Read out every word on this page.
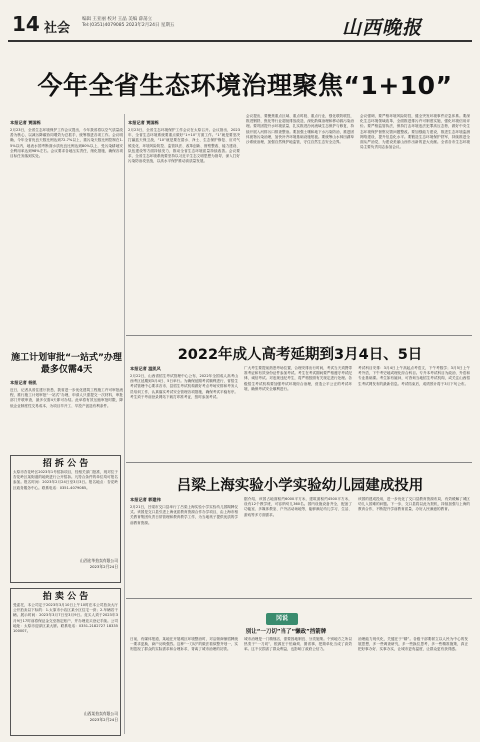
14 社会
编辑 王亚丽 校对 王晶 美编 薛荡立
Tel:(0351)4079085 2023年2月24日 星期五	山西晚报
今年全省生态环境治理聚焦“1+10”
本报记者 贾国栋
2月23日，全省生态环境保护工作会议提出，今年我省将以空气质量改善为核心，以减污降碳协同增效为总抓手，统筹推进各项工作。会议明确，今年全省优良天数比例达到72.7%以上，重污染天数比例控制在1.5%以内，地表水国考断面水质优良比例达到80%以上，受污染耕地安全利用率达到98%左右。会议要求各地压实责任，细化措施，确保各项目标任务落到实处。
本报记者 贾国栋
2月23日，全省生态环境保护工作会议在太原召开。会议指出，2023年，全省生态环境系统要重点做好“1+10”方面工作。“1”就是要坚决打赢蓝天保卫战，“10”就是要在碧水、净土、生态保护修复、应对气候变化、环境风险防控、监管执法、改革创新、督察整改、能力建设、队伍建设等方面持续发力，推动全省生态环境质量持续改善。会议要求，全省生态环境系统要坚持以习近平生态文明思想为指导，深入打好污染防治攻坚战，以高水平保护推动高质量发展。
会议提出，要聚焦重点区域、重点时段、重点行业，强化联防联控，推进钢铁、焦化等行业超低排放改造，深化散煤治理和移动源污染治理。要巩固提升水环境质量，扎实推进汾河流域生态保护与修复，持续开展入河排污口排查整治。要加强土壤和地下水污染防治，推进固体废物污染治理，加快补齐环境基础设施短板。要统筹山水林田湖草沙系统治理，加强自然保护地监管，守住自然生态安全边界。
会议强调，要严格环境风险防控，健全突发环境事件应急体系。要深化生态环境领域改革，全面推进排污许可制度实施，强化环境信用评价。要严格监管执法，保持打击环境违法犯罪高压态势，做好中央生态环境保护督察反馈问题整改。要加强能力建设，推进生态环境监测网络建设，提升信息化水平。要锻造生态环境保护铁军，持续推进全面从严治党，为建设美丽山西作出新的更大贡献。全省各市生态环境局主要负责同志参加会议。
施工计划审批“一站式”办理最多仅需4天
本报记者 杨凯
近日，记者从省住建厅获悉，我省进一步优化建筑工程施工许可审批流程，推行施工计划审批“一站式”办理，申请人只需提交一次材料，审批部门并联审查，最多仅需4天即可办结。此举将有效压缩审批时限，降低企业制度性交易成本，为项目早开工、早投产创造有利条件。
招 拆 公 告
太原市杏花岭区2023年1号招拆项目，经相关部门批准，现对位于杏花岭区某街道的地块进行公开招拆。凡符合条件的单位均可报名参加。报名时间：2023年2月24日至3月3日。报名地点：杏花岭区政务服务中心。联系电话：0351-4079085。
山西宏华拍卖有限公司
2023年2月24日
拍 卖 公 告
受委托，本公司定于2023年3月10日上午10时在本公司拍卖大厅公开拍卖以下标的：1.太原市小店区某小区住宅一套；2.车辆若干辆。展示时间：2023年3月7日至3月9日。竞买人须于2023年3月9日17时前将保证金交至指定账户，并办理竞买登记手续。公司地址：太原市迎泽区某大厦。联系电话：0351-2182727 18335100007。
山西某拍卖有限公司
2023年2月24日
2022年成人高考延期到3月4日、5日
本报记者 温凯风
2月22日，山西省招生考试管理中心公布，2022年全国成人高考山西考区延期到3月4日、5日举行。为确保延期考试顺利进行，省招生考试管理中心要求各市、县招生考试机构做好考点考场安排和考务人员培训工作，认真落实考试安全管理各项措施，确保考试平稳有序。考生须于考前登录网站下载打印准考证，按时参加考试。
广大考生要提前熟悉考场位置，合理安排出行时间，考试当天须携带准考证和有效身份证件参加考试。考生在考试期间要严格遵守考试纪律，诚信考试。对违规违纪考生，将严格按照有关规定进行处理。各级招生考试机构要加强考试环境综合治理，营造公平公正的考试环境，确保考试安全顺利进行。
考试科目安排：3月4日上午高起点考语文，下午考数学；3月5日上午考外语，下午考史地或理化综合科目。专升本考试科目为政治、外语和专业基础课。考生如有疑问，可咨询当地招生考试机构，或关注山西招生考试网发布的最新信息。考试结束后，成绩预计将于3月下旬公布。
吕梁上海实验小学实验幼儿园建成投用
本报记者 郭建伟
2月21日，吕梁市交口县举行了吕梁上海实验小学实验幼儿园揭牌仪式。该园是交口县引进上海优质教育资源合作办学项目，由上海市相关教育集团负责日常管理和教育教学工作，为当地孩子提供优质的学前教育资源。
据介绍，该园占地面积约6000平方米，建筑面积约4500平方米，设有12个教学班，可容纳幼儿360名。园内设施设备齐全，配备了功能室、多媒体教室、户外活动场地等，能够满足幼儿学习、生活、游戏等多方面需求。
该园的建成投用，进一步优化了交口县教育资源布局，有效缓解了城区幼儿入园难的问题。下一步，交口县将以此为契机，持续加强与上海的教育合作，不断提升学前教育质量，办好人民满意的教育。
冈说
别让“一刀切”当了“懒政”挡箭牌
日前，有媒体报道，某地在开展城区环境整治时，对沿街商铺招牌统一要求更换，商户反映强烈。这种“一刀切”的做法看似整齐划一，实则忽视了群众的实际需求和合理诉求，背离了城市治理的初衷。
城市治理是一门精细活，需要因地制宜、分类施策。个别地方之所以热衷于“一刀切”，根源在于怕麻烦、图省事，把简单化当成了高效率。这不仅损害了群众利益，也影响了政府公信力。
治理能力现代化，关键在于“精”。各级干部要树立以人民为中心的发展思想，多一些调查研究，多一些换位思考，多一些精准施策，真正把好事办好、实事办实，让城市更有温度，让群众更有获得感。
